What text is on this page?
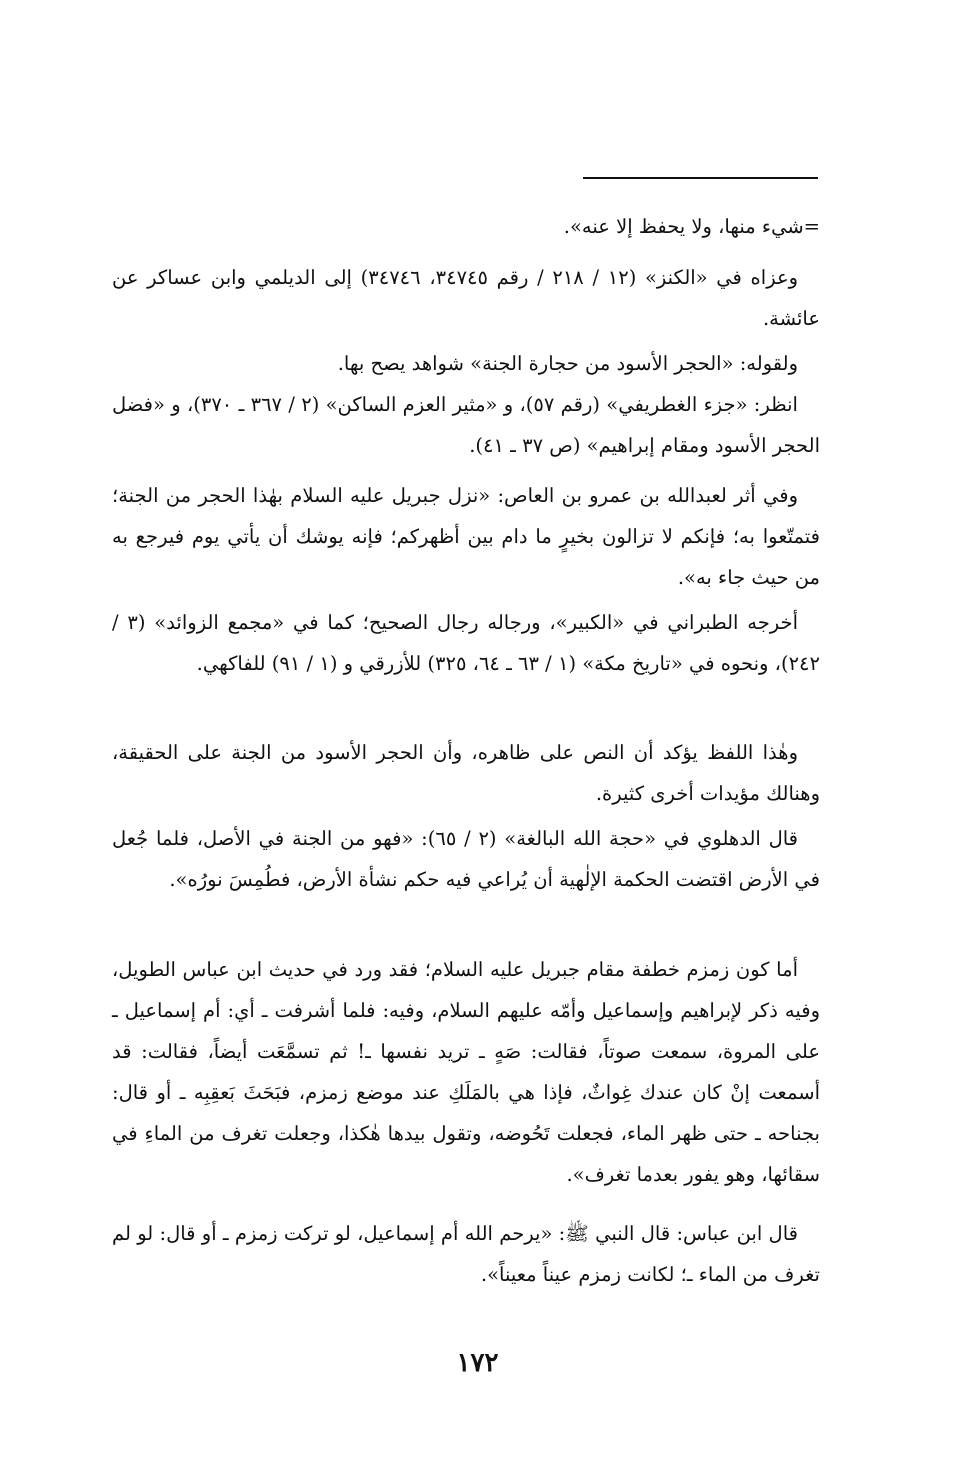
=شيء منها، ولا يحفظ إلا عنه».

وعزاه في «الكنز» (١٢ / ٢١٨ / رقم ٣٤٧٤٥، ٣٤٧٤٦) إلى الديلمي وابن عساكر عن عائشة.

ولقوله: «الحجر الأسود من حجارة الجنة» شواهد يصح بها.

انظر: «جزء الغطريفي» (رقم ٥٧)، و «مثير العزم الساكن» (٢ / ٣٦٧ ـ ٣٧٠)، و «فضل الحجر الأسود ومقام إبراهيم» (ص ٣٧ ـ ٤١).

وفي أثر لعبدالله بن عمرو بن العاص: «نزل جبريل عليه السلام بهٰذا الحجر من الجنة؛ فتمتّعوا به؛ فإنكم لا تزالون بخيرٍ ما دام بين أظهركم؛ فإنه يوشك أن يأتي يوم فيرجع به من حيث جاء به».

أخرجه الطبراني في «الكبير»، ورجاله رجال الصحيح؛ كما في «مجمع الزوائد» (٣ / ٢٤٢)، ونحوه في «تاريخ مكة» (١ / ٦٣ ـ ٦٤، ٣٢٥) للأزرقي و (١ / ٩١) للفاكهي.

وهٰذا اللفظ يؤكد أن النص على ظاهره، وأن الحجر الأسود من الجنة على الحقيقة، وهنالك مؤيدات أخرى كثيرة.

قال الدهلوي في «حجة الله البالغة» (٢ / ٦٥): «فهو من الجنة في الأصل، فلما جُعل في الأرض اقتضت الحكمة الإلٰهية أن يُراعي فيه حكم نشأة الأرض، فطُمِسَ نورُه».

أما كون زمزم خطفة مقام جبريل عليه السلام؛ فقد ورد في حديث ابن عباس الطويل، وفيه ذكر لإبراهيم وإسماعيل وأمّه عليهم السلام، وفيه: فلما أشرفت ـ أي: أم إسماعيل ـ على المروة، سمعت صوتاً، فقالت: صَهٍ ـ تريد نفسها ـ! ثم تسمَّعَت أيضاً، فقالت: قد أسمعت إنْ كان عندك غِواثٌ، فإذا هي بالمَلَكِ عند موضع زمزم، فبَحَثَ بَعقِبِه ـ أو قال: بجناحه ـ حتى ظهر الماء، فجعلت تَحُوضه، وتقول بيدها هٰكذا، وجعلت تغرف من الماءِ في سقائها، وهو يفور بعدما تغرف».

قال ابن عباس: قال النبي ﷺ: «يرحم الله أم إسماعيل، لو تركت زمزم ـ أو قال: لو لم تغرف من الماء ـ؛ لكانت زمزم عيناً معيناً».

١٧٢
